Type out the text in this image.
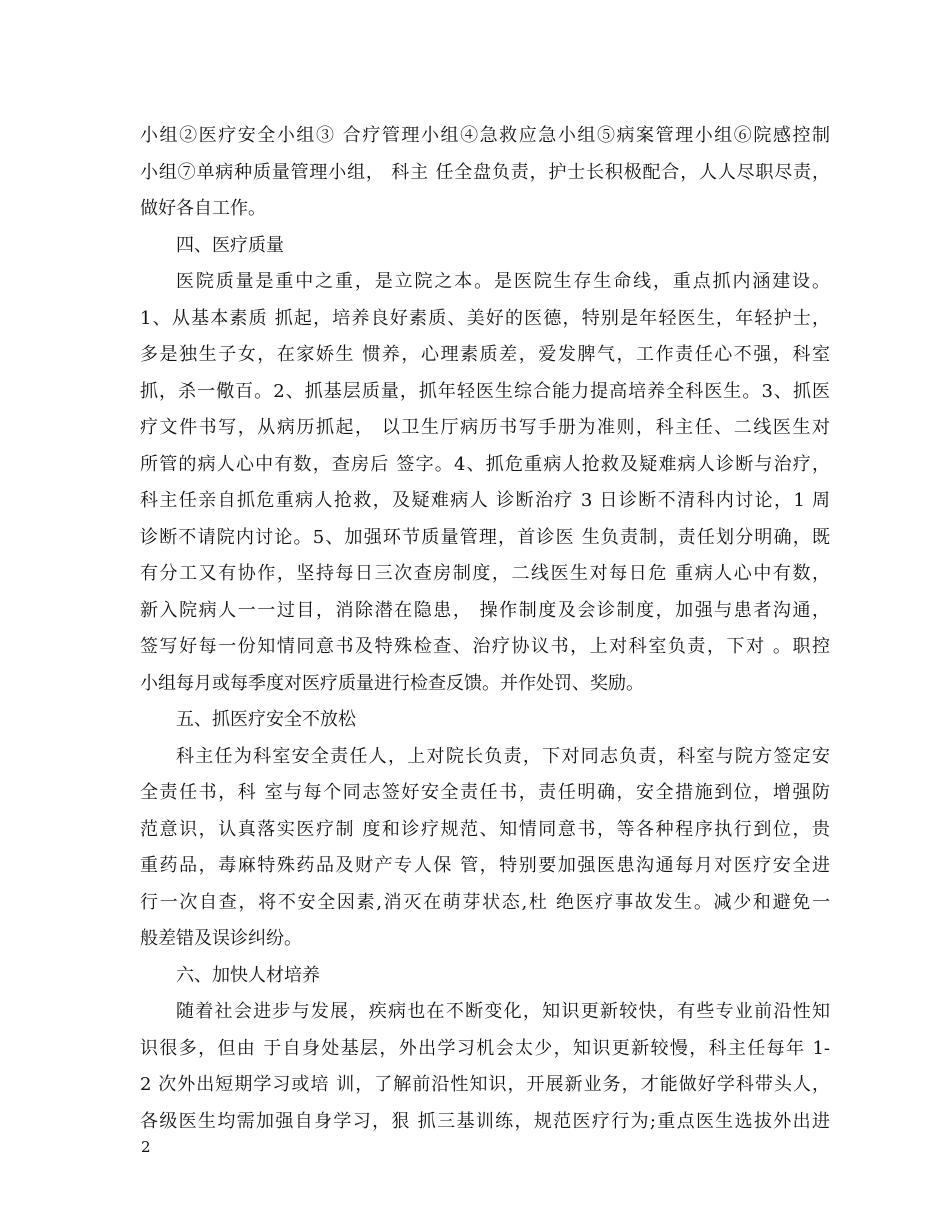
小组②医疗安全小组③ 合疗管理小组④急救应急小组⑤病案管理小组⑥院感控制
小组⑦单病种质量管理小组， 科主 任全盘负责，护士长积极配合，人人尽职尽责，
做好各自工作。
四、医疗质量
医院质量是重中之重，是立院之本。是医院生存生命线，重点抓内涵建设。
1、从基本素质 抓起，培养良好素质、美好的医德，特别是年轻医生，年轻护士，
多是独生子女，在家娇生 惯养，心理素质差，爱发脾气，工作责任心不强，科室
抓，杀一儆百。2、抓基层质量，抓年轻医生综合能力提高培养全科医生。3、抓医
疗文件书写，从病历抓起， 以卫生厅病历书写手册为准则，科主任、二线医生对
所管的病人心中有数，查房后 签字。4、抓危重病人抢救及疑难病人诊断与治疗，
科主任亲自抓危重病人抢救，及疑难病人 诊断治疗 3 日诊断不清科内讨论，1 周
诊断不请院内讨论。5、加强环节质量管理，首诊医 生负责制，责任划分明确，既
有分工又有协作，坚持每日三次查房制度，二线医生对每日危 重病人心中有数，
新入院病人一一过目，消除潜在隐患， 操作制度及会诊制度，加强与患者沟通，
签写好每一份知情同意书及特殊检查、治疗协议书，上对科室负责，下对 。职控
小组每月或每季度对医疗质量进行检查反馈。并作处罚、奖励。
五、抓医疗安全不放松
科主任为科室安全责任人，上对院长负责，下对同志负责，科室与院方签定安
全责任书，科 室与每个同志签好安全责任书，责任明确，安全措施到位，增强防
范意识，认真落实医疗制 度和诊疗规范、知情同意书，等各种程序执行到位，贵
重药品，毒麻特殊药品及财产专人保 管，特别要加强医患沟通每月对医疗安全进
行一次自查，将不安全因素,消灭在萌芽状态,杜 绝医疗事故发生。减少和避免一
般差错及误诊纠纷。
六、加快人材培养
随着社会进步与发展，疾病也在不断变化，知识更新较快，有些专业前沿性知
识很多，但由 于自身处基层，外出学习机会太少，知识更新较慢，科主任每年 1-
2 次外出短期学习或培 训，了解前沿性知识，开展新业务，才能做好学科带头人，
各级医生均需加强自身学习，狠 抓三基训练，规范医疗行为;重点医生选拔外出进
2
